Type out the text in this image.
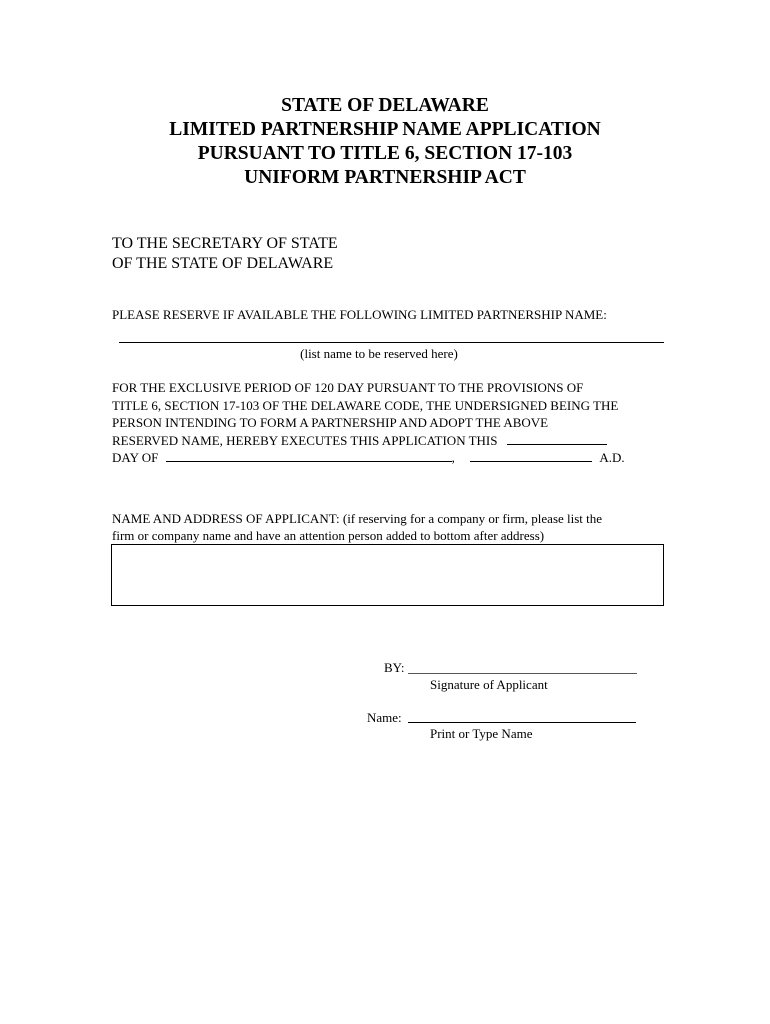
STATE OF DELAWARE
LIMITED PARTNERSHIP NAME APPLICATION
PURSUANT TO TITLE 6, SECTION 17-103
UNIFORM PARTNERSHIP ACT
TO THE SECRETARY OF STATE
OF THE STATE OF DELAWARE
PLEASE RESERVE IF AVAILABLE THE FOLLOWING LIMITED PARTNERSHIP NAME:
(list name to be reserved here)
FOR THE EXCLUSIVE PERIOD OF 120 DAY PURSUANT TO THE PROVISIONS OF
TITLE 6, SECTION 17-103 OF THE DELAWARE CODE, THE UNDERSIGNED BEING THE
PERSON INTENDING TO FORM A PARTNERSHIP AND ADOPT THE ABOVE
RESERVED NAME, HEREBY EXECUTES THIS APPLICATION THIS
DAY OF	,	A.D.
NAME AND ADDRESS OF APPLICANT: (if reserving for a company or firm, please list the
firm or company name and have an attention person added to bottom after address)
BY:
Signature of Applicant
Name:
Print or Type Name
